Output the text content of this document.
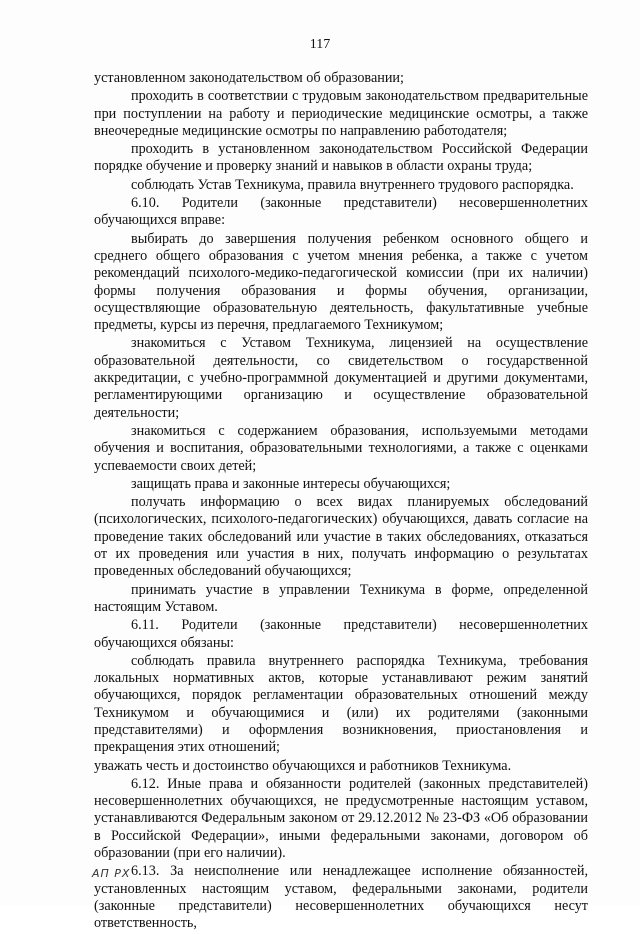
117

установленном законодательством об образовании;

проходить в соответствии с трудовым законодательством предварительные при поступлении на работу и периодические медицинские осмотры, а также внеочередные медицинские осмотры по направлению работодателя;

проходить в установленном законодательством Российской Федерации порядке обучение и проверку знаний и навыков в области охраны труда;

соблюдать Устав Техникума, правила внутреннего трудового распорядка.

6.10. Родители (законные представители) несовершеннолетних обучающихся вправе:

выбирать до завершения получения ребенком основного общего и среднего общего образования с учетом мнения ребенка, а также с учетом рекомендаций психолого-медико-педагогической комиссии (при их наличии) формы получения образования и формы обучения, организации, осуществляющие образовательную деятельность, факультативные учебные предметы, курсы из перечня, предлагаемого Техникумом;

знакомиться с Уставом Техникума, лицензией на осуществление образовательной деятельности, со свидетельством о государственной аккредитации, с учебно-программной документацией и другими документами, регламентирующими организацию и осуществление образовательной деятельности;

знакомиться с содержанием образования, используемыми методами обучения и воспитания, образовательными технологиями, а также с оценками успеваемости своих детей;

защищать права и законные интересы обучающихся;

получать информацию о всех видах планируемых обследований (психологических, психолого-педагогических) обучающихся, давать согласие на проведение таких обследований или участие в таких обследованиях, отказаться от их проведения или участия в них, получать информацию о результатах проведенных обследований обучающихся;

принимать участие в управлении Техникума в форме, определенной настоящим Уставом.

6.11. Родители (законные представители) несовершеннолетних обучающихся обязаны:

соблюдать правила внутреннего распорядка Техникума, требования локальных нормативных актов, которые устанавливают режим занятий обучающихся, порядок регламентации образовательных отношений между Техникумом и обучающимися и (или) их родителями (законными представителями) и оформления возникновения, приостановления и прекращения этих отношений;

уважать честь и достоинство обучающихся и работников Техникума.

6.12. Иные права и обязанности родителей (законных представителей) несовершеннолетних обучающихся, не предусмотренные настоящим уставом, устанавливаются Федеральным законом от 29.12.2012 № 23-ФЗ «Об образовании в Российской Федерации», иными федеральными законами, договором об образовании (при его наличии).

6.13. За неисполнение или ненадлежащее исполнение обязанностей, установленных настоящим уставом, федеральными законами, родители (законные представители) несовершеннолетних обучающихся несут ответственность,

АП РХ
